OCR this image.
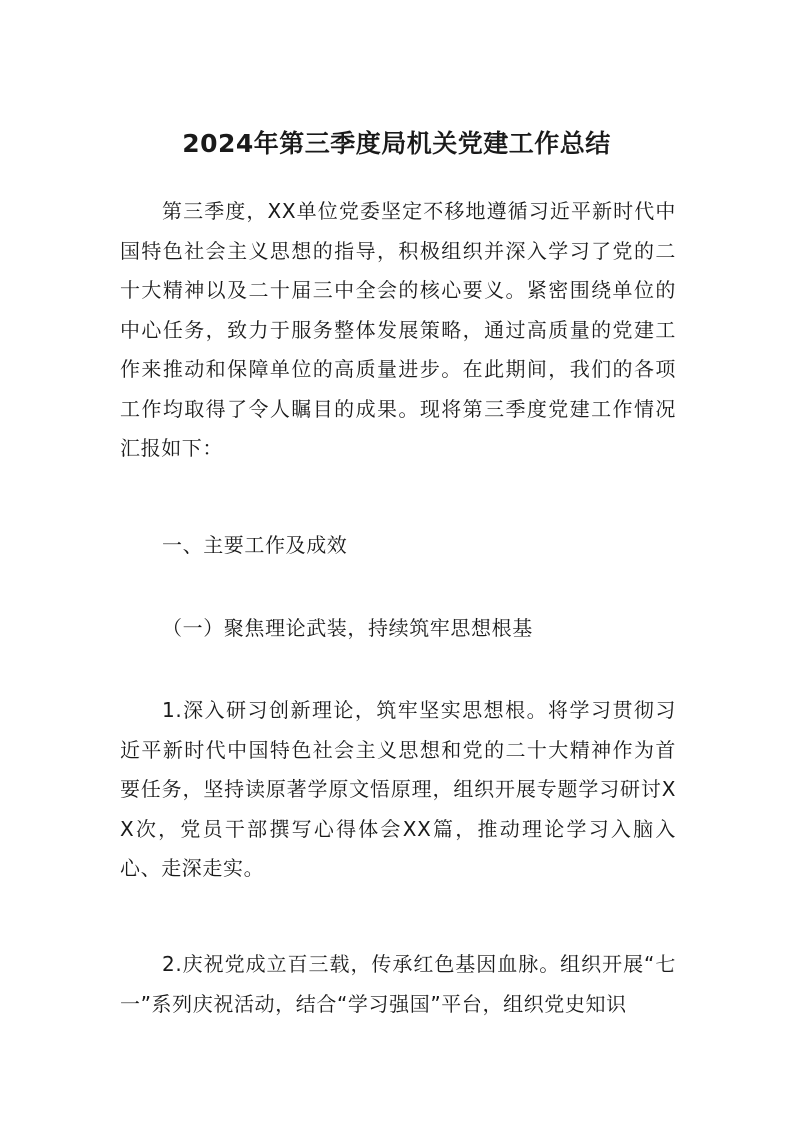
2024年第三季度局机关党建工作总结
第三季度，XX单位党委坚定不移地遵循习近平新时代中国特色社会主义思想的指导，积极组织并深入学习了党的二十大精神以及二十届三中全会的核心要义。紧密围绕单位的中心任务，致力于服务整体发展策略，通过高质量的党建工作来推动和保障单位的高质量进步。在此期间，我们的各项工作均取得了令人瞩目的成果。现将第三季度党建工作情况汇报如下：
一、主要工作及成效
（一）聚焦理论武装，持续筑牢思想根基
1.深入研习创新理论，筑牢坚实思想根。将学习贯彻习近平新时代中国特色社会主义思想和党的二十大精神作为首要任务，坚持读原著学原文悟原理，组织开展专题学习研讨XX次，党员干部撰写心得体会XX篇，推动理论学习入脑入心、走深走实。
2.庆祝党成立百三载，传承红色基因血脉。组织开展“七一”系列庆祝活动，结合“学习强国”平台，组织党史知识
